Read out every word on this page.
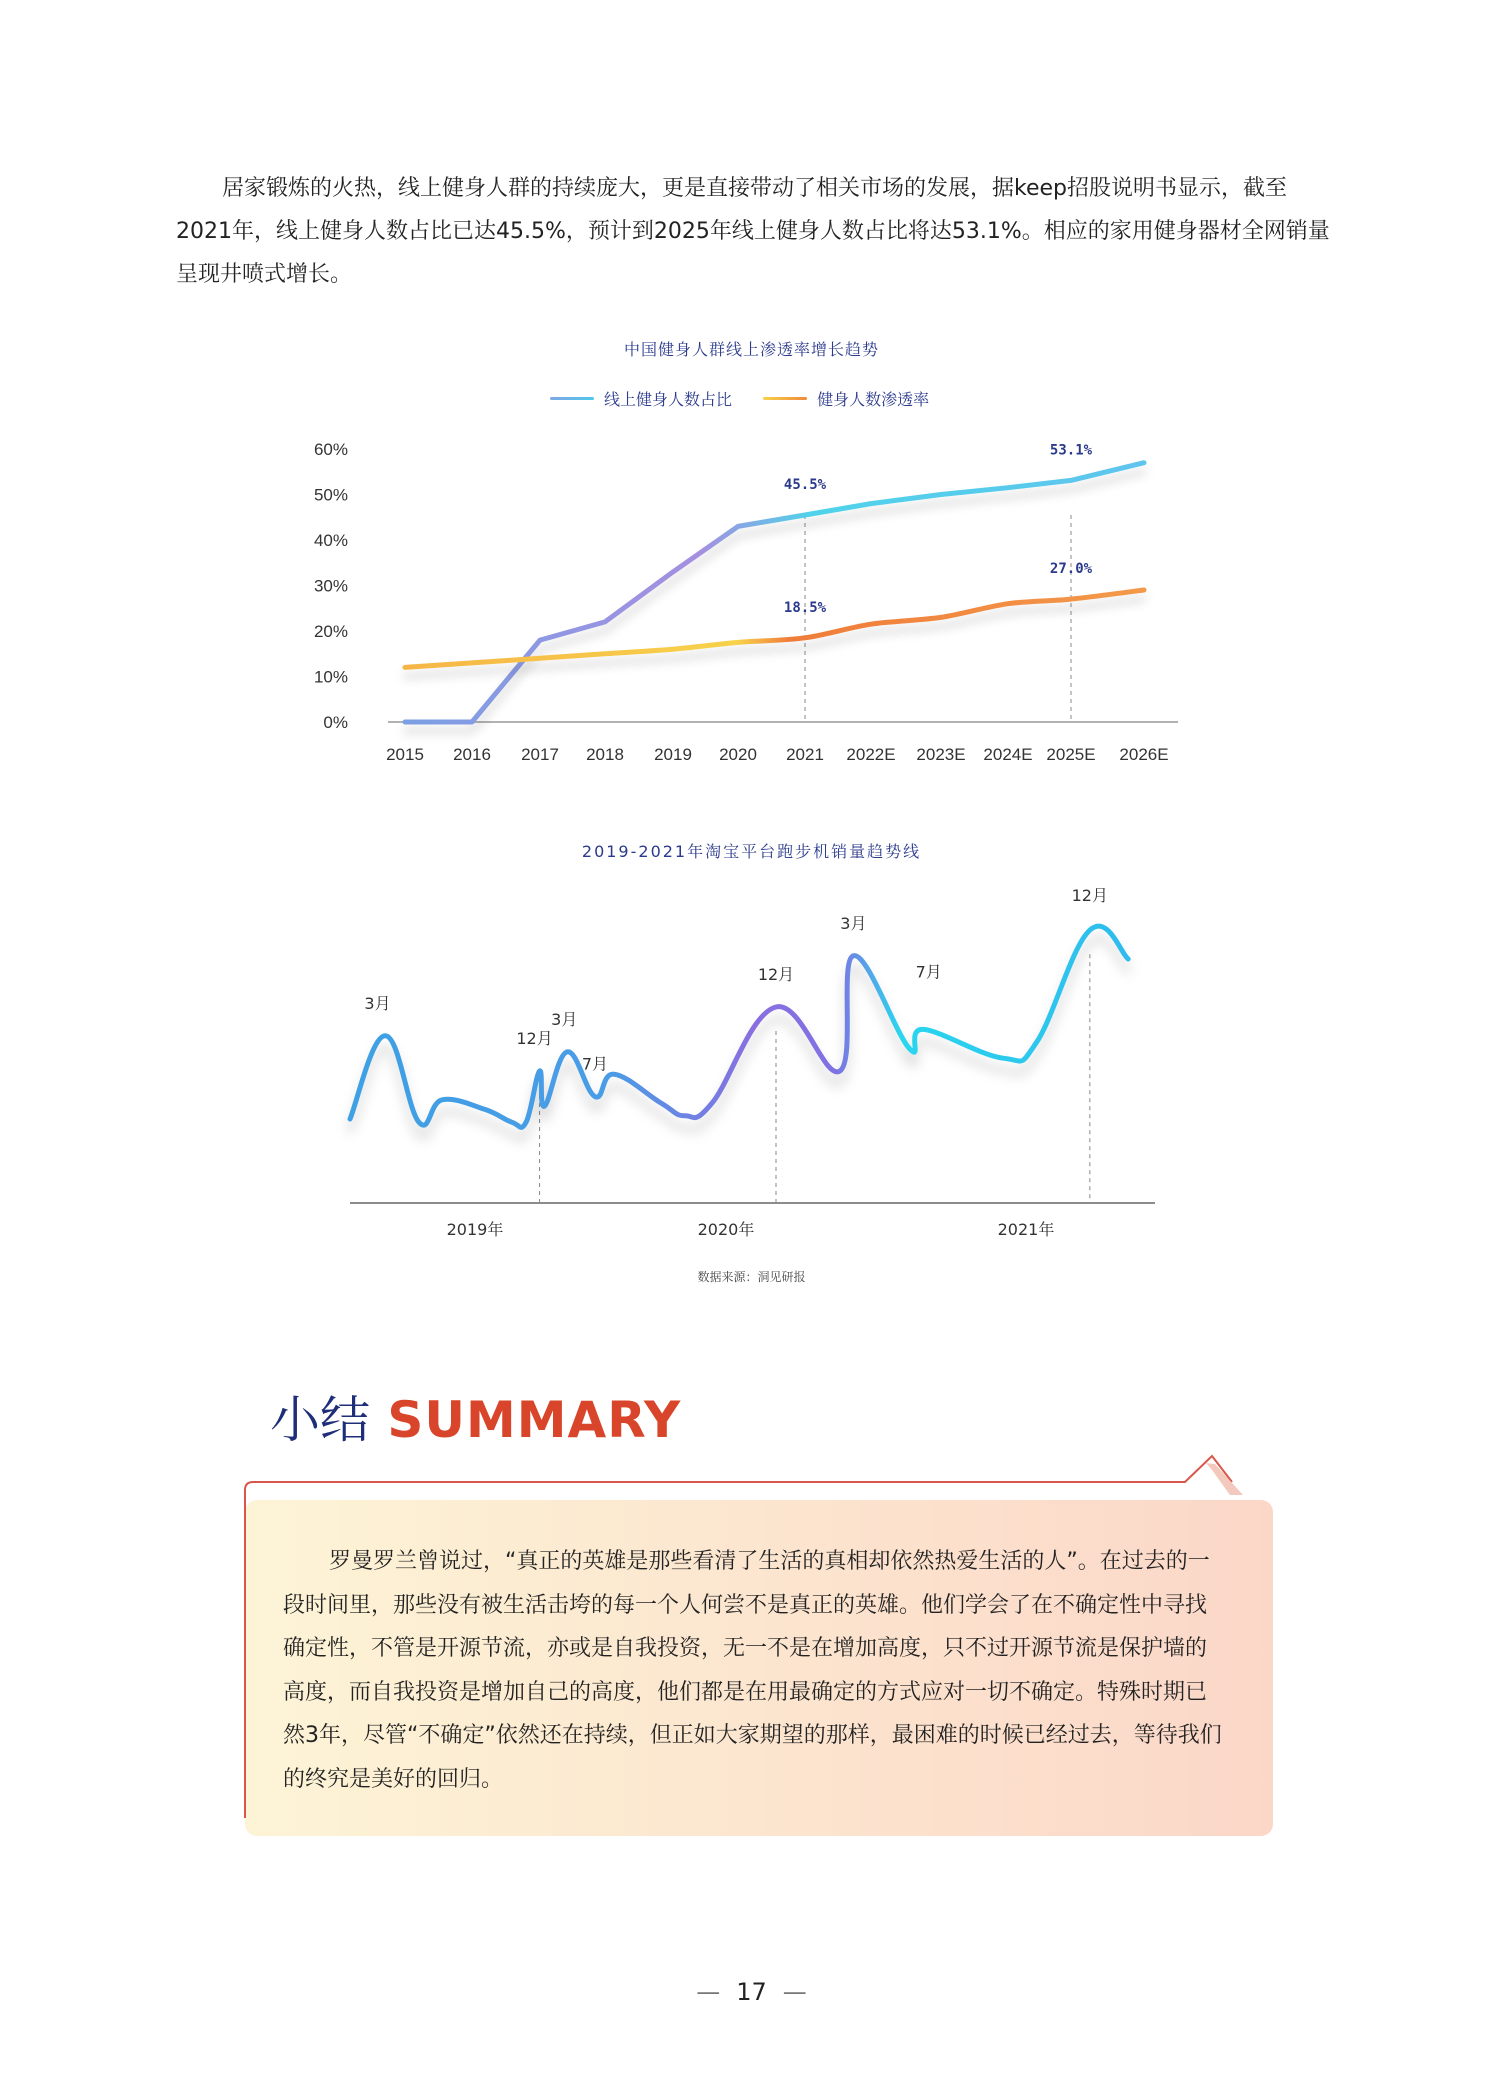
居家锻炼的火热，线上健身人群的持续庞大，更是直接带动了相关市场的发展，据keep招股说明书显示，截至2021年，线上健身人数占比已达45.5%，预计到2025年线上健身人数占比将达53.1%。相应的家用健身器材全网销量呈现井喷式增长。

中国健身人群线上渗透率增长趋势
线上健身人数占比
	健身人数渗透率
0%
10%
20%
30%
40%
50%
60%
2015 2016 2017 2018 2019 2020 2021 2022E 2023E 2024E 2025E 2026E
45.5%
53.1%
18.5%
27.0%
2019-2021年淘宝平台跑步机销量趋势线
3月
12月
3月
7月
12月
3月
7月
12月
2019年	2020年	2021年
数据来源：洞见研报
小结 SUMMARY

罗曼罗兰曾说过，“真正的英雄是那些看清了生活的真相却依然热爱生活的人”。在过去的一段时间里，那些没有被生活击垮的每一个人何尝不是真正的英雄。他们学会了在不确定性中寻找确定性，不管是开源节流，亦或是自我投资，无一不是在增加高度，只不过开源节流是保护墙的高度，而自我投资是增加自己的高度，他们都是在用最确定的方式应对一切不确定。特殊时期已然3年，尽管“不确定”依然还在持续，但正如大家期望的那样，最困难的时候已经过去，等待我们的终究是美好的回归。

— 17 —
